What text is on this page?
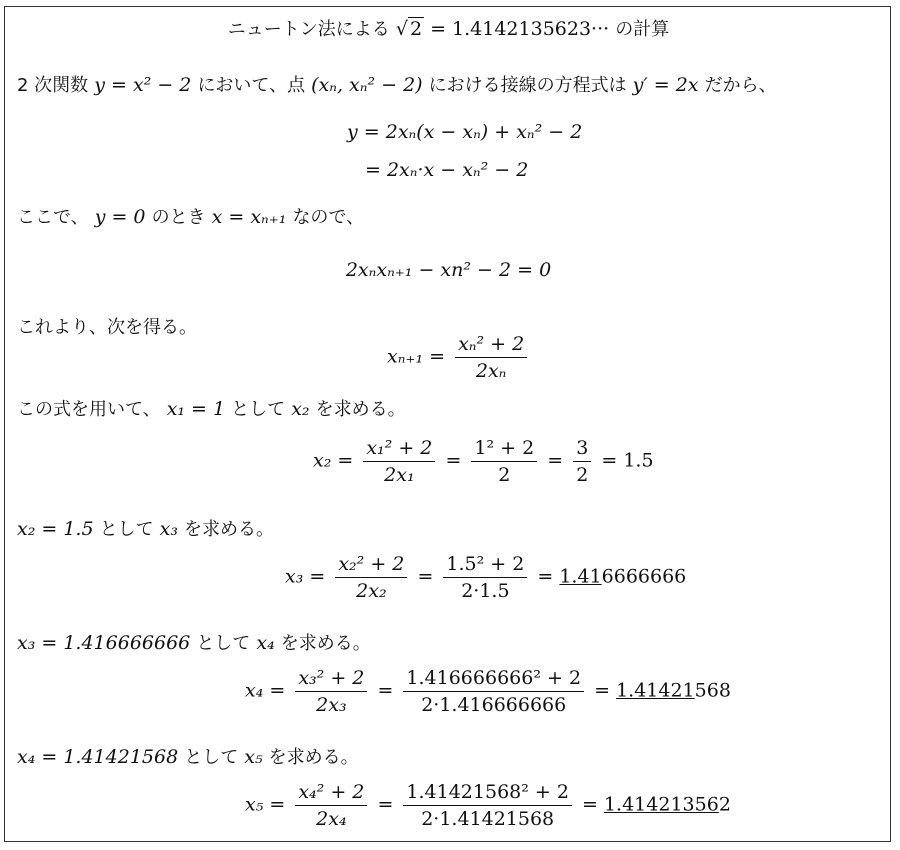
ニュートン法による √ 2 = 1.4142135623··· の計算
2 次関数 y = x² − 2 において、点 (xₙ, xₙ² − 2) における接線の方程式は y′ = 2x だから、
y = 2xₙ(x − xₙ) + xₙ² − 2
= 2xₙ·x − xₙ² − 2
ここで、 y = 0 のとき x = xₙ₊₁ なので、
2xₙxₙ₊₁ − xn² − 2 = 0
これより、次を得る。
$x_{n+1} = \frac{\text{xₙ² + 2}}{\text{2xₙ}}$
この式を用いて、 x₁ = 1 として x₂ を求める。
$x_2 = \frac{\text{x₁² + 2}}{\text{2x₁}} = \frac{\text{1² + 2}}{2} = \frac{3}{2} = 1.5$
x₂ = 1.5 として x₃ を求める。
$x_3 = \frac{\text{x₂² + 2}}{\text{2x₂}} = \frac{\text{1.5² + 2}}{2\cdot 1.5} = 1.416666666$
x₃ = 1.416666666 として x₄ を求める。
$x_4 = \frac{\text{x₃² + 2}}{\text{2x₃}} = \frac{\text{1.416666666² + 2}}{2\cdot 1.416666666} = 1.41421568$
x₄ = 1.41421568 として x₅ を求める。
$x_5 = \frac{\text{x₄² + 2}}{\text{2x₄}} = \frac{\text{1.41421568² + 2}}{2\cdot 1.41421568} = 1.414213562$
